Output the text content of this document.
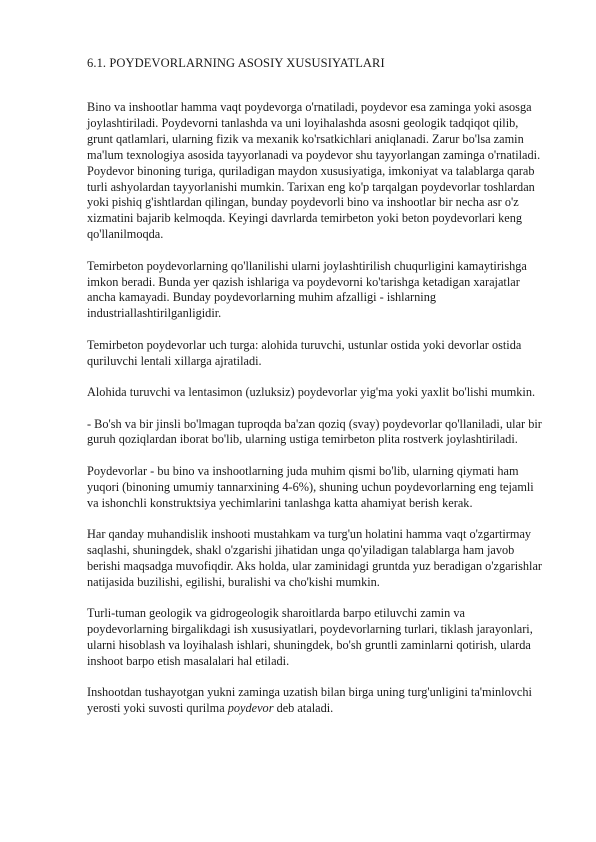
6.1. POYDEVORLARNING ASOSIY XUSUSIYATLARI

Bino va inshootlar hamma vaqt poydevorga o'rnatiladi, poydevor esa zaminga yoki asosga joylashtiriladi. Poydevorni tanlashda va uni loyihalashda asosni geologik tadqiqot qilib, grunt qatlamlari, ularning fizik va mexanik ko'rsatkichlari aniqlanadi. Zarur bo'lsa zamin ma'lum texnologiya asosida tayyorlanadi va poydevor shu tayyorlangan zaminga o'rnatiladi. Poydevor binoning turiga, quriladigan maydon xususiyatiga, imkoniyat va talablarga qarab turli ashyolardan tayyorlanishi mumkin. Tarixan eng ko'p tarqalgan poydevorlar toshlardan yoki pishiq g'ishtlardan qilingan, bunday poydevorli bino va inshootlar bir necha asr o'z xizmatini bajarib kelmoqda. Keyingi davrlarda temirbeton yoki beton poydevorlari keng qo'llanilmoqda.

Temirbeton poydevorlarning qo'llanilishi ularni joylashtirilish chuqurligini kamaytirishga imkon beradi. Bunda yer qazish ishlariga va poydevorni ko'tarishga ketadigan xarajatlar ancha kamayadi. Bunday poydevorlarning muhim afzalligi - ishlarning industriallashtirilganligidir.

Temirbeton poydevorlar uch turga: alohida turuvchi, ustunlar ostida yoki devorlar ostida quriluvchi lentali xillarga ajratiladi.

Alohida turuvchi va lentasimon (uzluksiz) poydevorlar yig'ma yoki yaxlit bo'lishi mumkin.

- Bo'sh va bir jinsli bo'lmagan tuproqda ba'zan qoziq (svay) poydevorlar qo'llaniladi, ular bir guruh qoziqlardan iborat bo'lib, ularning ustiga temirbeton plita rostverk joylashtiriladi.

Poydevorlar - bu bino va inshootlarning juda muhim qismi bo'lib, ularning qiymati ham yuqori (binoning umumiy tannarxining 4-6%), shuning uchun poydevorlarning eng tejamli va ishonchli konstruktsiya yechimlarini tanlashga katta ahamiyat berish kerak.

Har qanday muhandislik inshooti mustahkam va turg'un holatini hamma vaqt o'zgartirmay saqlashi, shuningdek, shakl o'zgarishi jihatidan unga qo'yiladigan talablarga ham javob berishi maqsadga muvofiqdir. Aks holda, ular zaminidagi gruntda yuz beradigan o'zgarishlar natijasida buzilishi, egilishi, buralishi va cho'kishi mumkin.

Turli-tuman geologik va gidrogeologik sharoitlarda barpo etiluvchi zamin va poydevorlarning birgalikdagi ish xususiyatlari, poydevorlarning turlari, tiklash jarayonlari, ularni hisoblash va loyihalash ishlari, shuningdek, bo'sh gruntli zaminlarni qotirish, ularda inshoot barpo etish masalalari hal etiladi.

Inshootdan tushayotgan yukni zaminga uzatish bilan birga uning turg'unligini ta'minlovchi yerosti yoki suvosti qurilma poydevor deb ataladi.
